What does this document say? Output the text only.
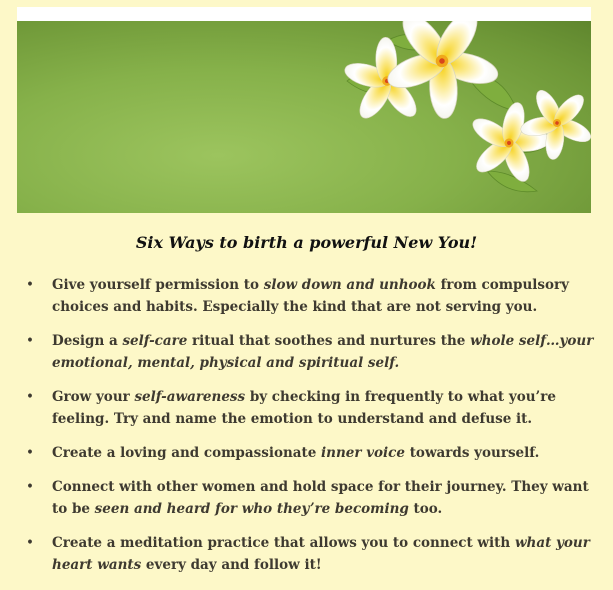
Six Ways to birth a powerful New You!
• Give yourself permission to slow down and unhook from compulsory choices and habits. Especially the kind that are not serving you.
• Design a self-care ritual that soothes and nurtures the whole self…your emotional, mental, physical and spiritual self.
• Grow your self-awareness by checking in frequently to what you’re feeling. Try and name the emotion to understand and defuse it.
• Create a loving and compassionate inner voice towards yourself.
• Connect with other women and hold space for their journey. They want to be seen and heard for who they’re becoming too.
• Create a meditation practice that allows you to connect with what your heart wants every day and follow it!
